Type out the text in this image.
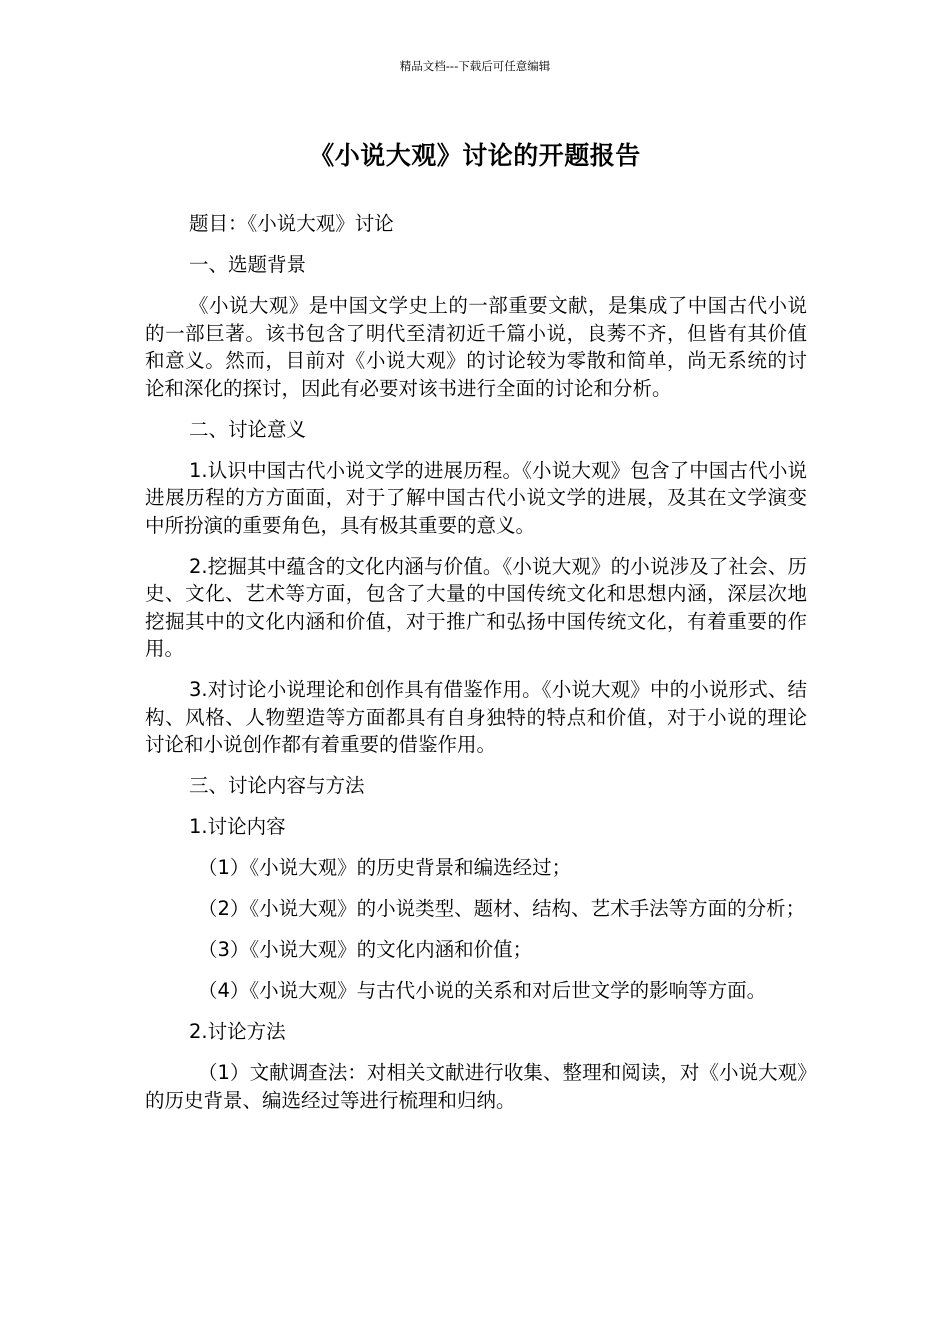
精品文档---下载后可任意编辑
《小说大观》讨论的开题报告

题目：《小说大观》讨论

一、选题背景

《小说大观》是中国文学史上的一部重要文献，是集成了中国古代小说的一部巨著。该书包含了明代至清初近千篇小说，良莠不齐，但皆有其价值和意义。然而，目前对《小说大观》的讨论较为零散和简单，尚无系统的讨论和深化的探讨，因此有必要对该书进行全面的讨论和分析。

二、讨论意义

1.认识中国古代小说文学的进展历程。《小说大观》包含了中国古代小说进展历程的方方面面，对于了解中国古代小说文学的进展，及其在文学演变中所扮演的重要角色，具有极其重要的意义。

2.挖掘其中蕴含的文化内涵与价值。《小说大观》的小说涉及了社会、历史、文化、艺术等方面，包含了大量的中国传统文化和思想内涵，深层次地挖掘其中的文化内涵和价值，对于推广和弘扬中国传统文化，有着重要的作用。

3.对讨论小说理论和创作具有借鉴作用。《小说大观》中的小说形式、结构、风格、人物塑造等方面都具有自身独特的特点和价值，对于小说的理论讨论和小说创作都有着重要的借鉴作用。

三、讨论内容与方法

1.讨论内容

（1）《小说大观》的历史背景和编选经过；

（2）《小说大观》的小说类型、题材、结构、艺术手法等方面的分析；

（3）《小说大观》的文化内涵和价值；

（4）《小说大观》与古代小说的关系和对后世文学的影响等方面。

2.讨论方法

（1）文献调查法：对相关文献进行收集、整理和阅读，对《小说大观》的历史背景、编选经过等进行梳理和归纳。
